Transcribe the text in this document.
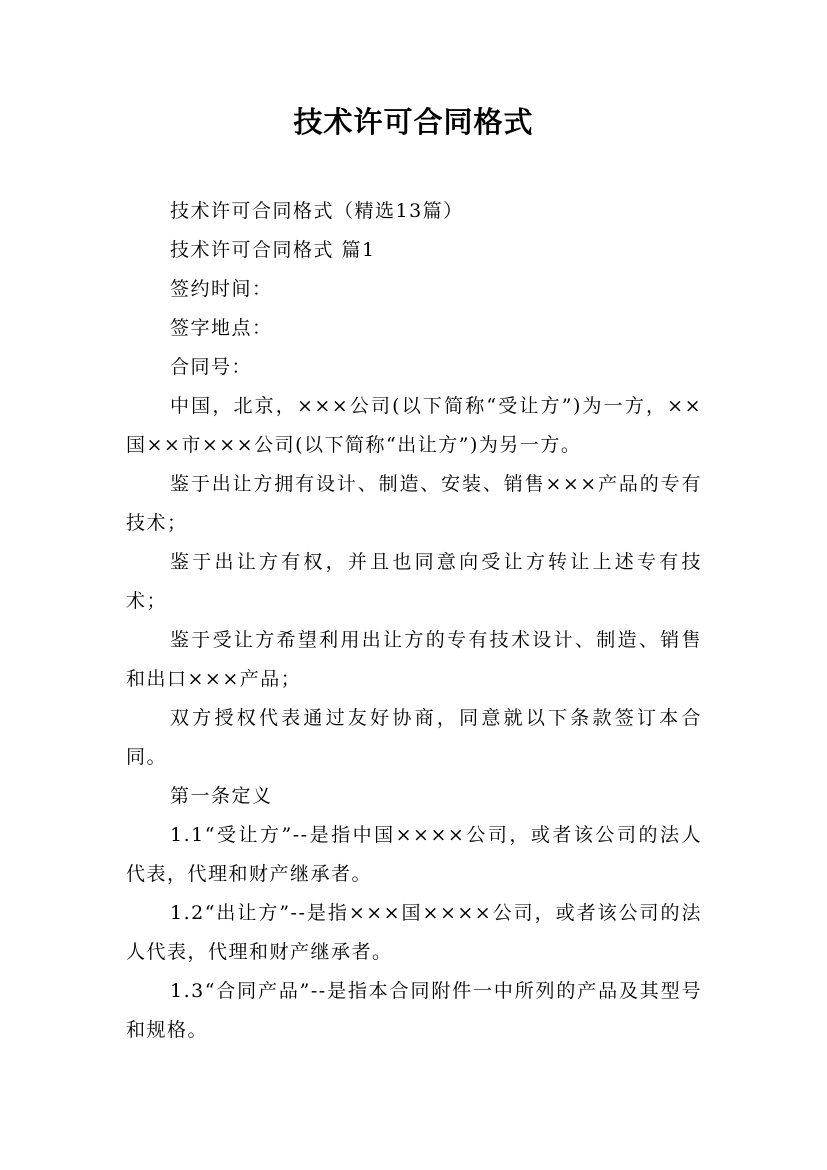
技术许可合同格式

技术许可合同格式（精选13篇）

技术许可合同格式 篇1

签约时间：

签字地点：

合同号：

中国，北京，×××公司(以下简称“受让方”)为一方，××国××市×××公司(以下简称“出让方”)为另一方。

鉴于出让方拥有设计、制造、安装、销售×××产品的专有技术；

鉴于出让方有权，并且也同意向受让方转让上述专有技术；

鉴于受让方希望利用出让方的专有技术设计、制造、销售和出口×××产品；

双方授权代表通过友好协商，同意就以下条款签订本合同。

第一条定义

1.1“受让方”--是指中国××××公司，或者该公司的法人代表，代理和财产继承者。

1.2“出让方”--是指×××国××××公司，或者该公司的法人代表，代理和财产继承者。

1.3“合同产品”--是指本合同附件一中所列的产品及其型号和规格。
